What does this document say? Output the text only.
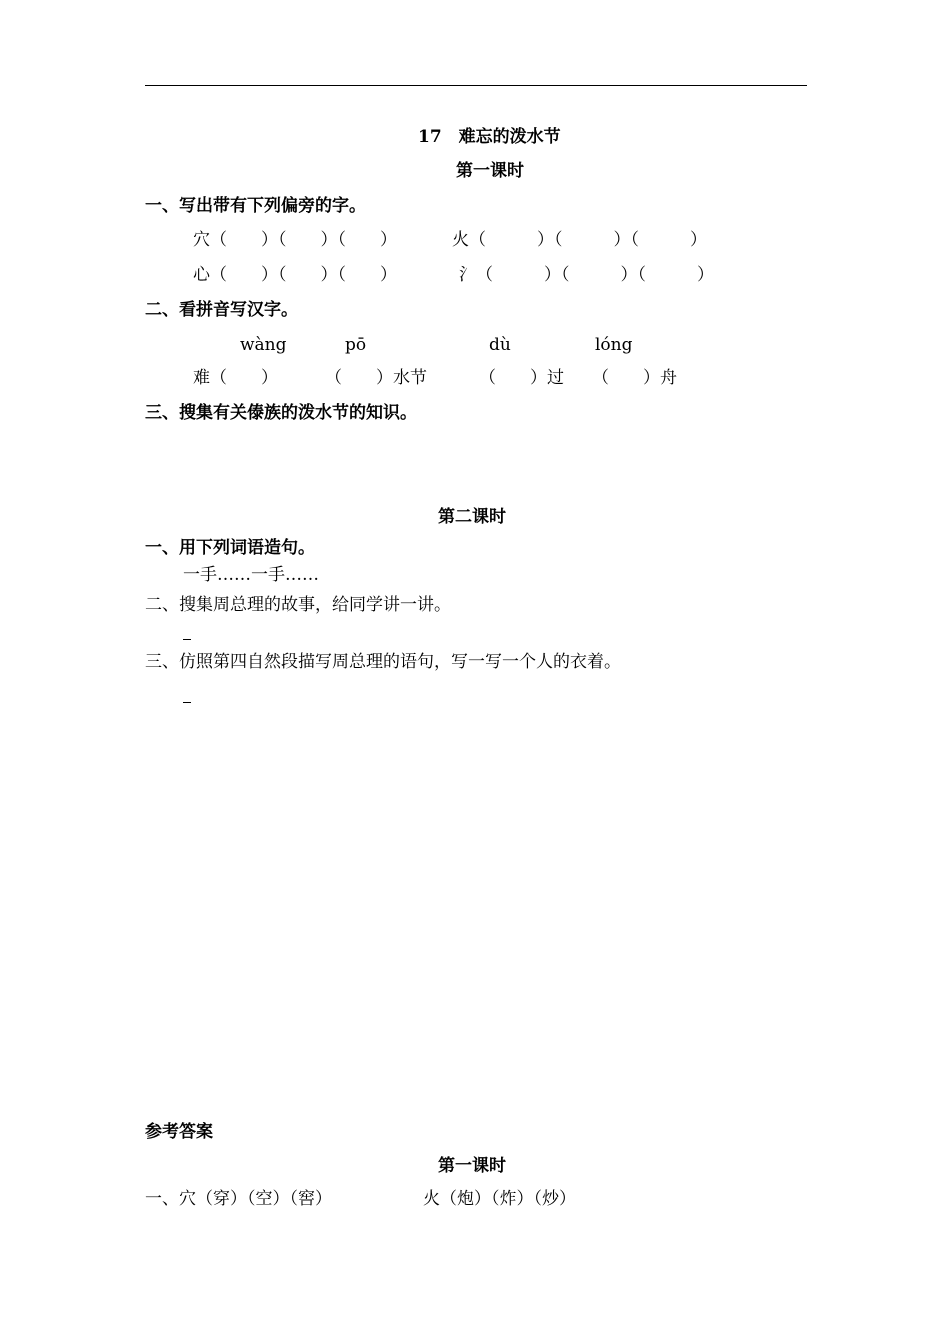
17　难忘的泼水节
第一课时
一、写出带有下列偏旁的字。
穴（　　）（　　）（　　）	火（　　　）（　　　）（　　　）
心（　　）（　　）（　　）	氵（　　　）（　　　）（　　　）
二、看拼音写汉字。
wàng	pō	dù	lóng
难（　　）	（　　）水节	（　　）过 （　　）舟
三、搜集有关傣族的泼水节的知识。
第二课时
一、用下列词语造句。
一手……一手……
二、搜集周总理的故事，给同学讲一讲。
三、仿照第四自然段描写周总理的语句，写一写一个人的衣着。
参考答案
第一课时
一、穴（穿）（空）（窖）	火（炮）（炸）（炒）
